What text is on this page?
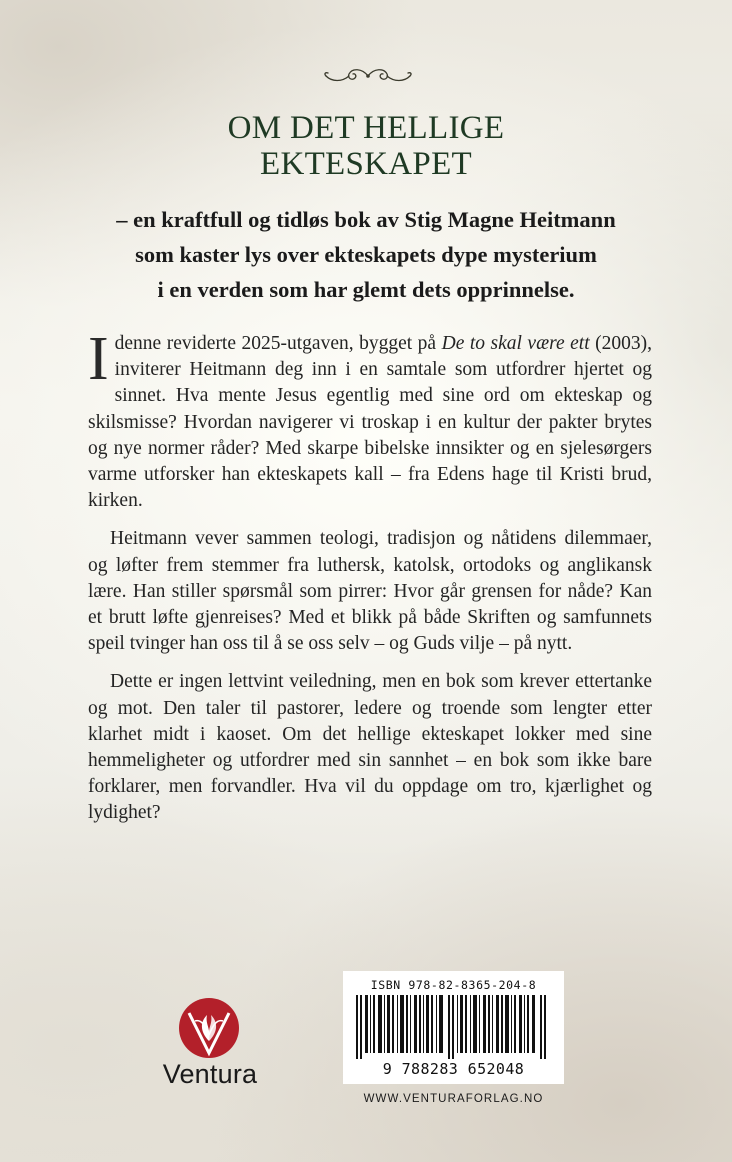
OM DET HELLIGE
EKTESKAPET
– en kraftfull og tidløs bok av Stig Magne Heitmann
som kaster lys over ekteskapets dype mysterium
i en verden som har glemt dets opprinnelse.

Idenne reviderte 2025-utgaven, bygget på De to skal være ett (2003), inviterer Heitmann deg inn i en samtale som utfordrer hjertet og sinnet. Hva mente Jesus egentlig med sine ord om ekteskap og skilsmisse? Hvordan navigerer vi troskap i en kultur der pakter brytes og nye normer råder? Med skarpe bibelske innsikter og en sjelesørgers varme utforsker han ekteskapets kall – fra Edens hage til Kristi brud, kirken.

Heitmann vever sammen teologi, tradisjon og nåtidens dilemmaer, og løfter frem stemmer fra luthersk, katolsk, ortodoks og anglikansk lære. Han stiller spørsmål som pirrer: Hvor går grensen for nåde? Kan et brutt løfte gjenreises? Med et blikk på både Skriften og samfunnets speil tvinger han oss til å se oss selv – og Guds vilje – på nytt.

Dette er ingen lettvint veiledning, men en bok som krever ettertanke og mot. Den taler til pastorer, ledere og troende som lengter etter klarhet midt i kaoset. Om det hellige ekteskapet lokker med sine hemmeligheter og utfordrer med sin sannhet – en bok som ikke bare forklarer, men forvandler. Hva vil du oppdage om tro, kjærlighet og lydighet?

Ventura
ISBN 978-82-8365-204-8
9 788283 652048
WWW.VENTURAFORLAG.NO
